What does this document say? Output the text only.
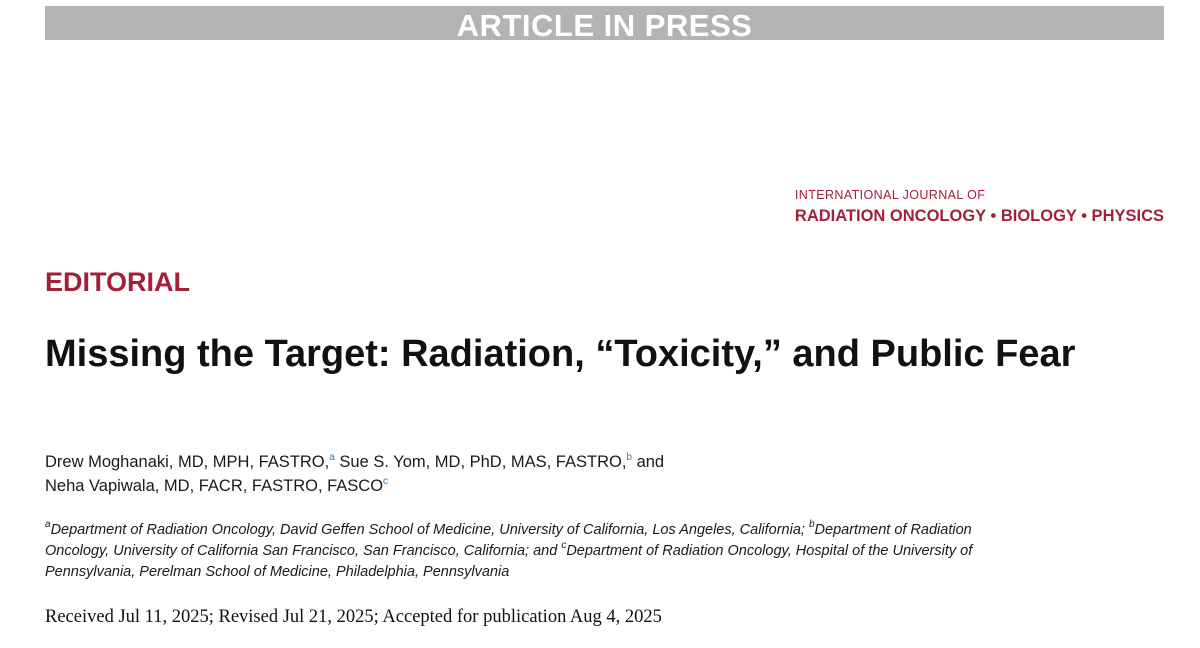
ARTICLE IN PRESS
INTERNATIONAL JOURNAL OF
RADIATION ONCOLOGY • BIOLOGY • PHYSICS
EDITORIAL
Missing the Target: Radiation, “Toxicity,” and Public Fear
Drew Moghanaki, MD, MPH, FASTRO,$^a$ Sue S. Yom, MD, PhD, MAS, FASTRO,$^b$ and
Neha Vapiwala, MD, FACR, FASTRO, FASCO$^c$
$^a$Department of Radiation Oncology, David Geffen School of Medicine, University of California, Los Angeles, California; $^b$Department of Radiation Oncology, University of California San Francisco, San Francisco, California; and $^c$Department of Radiation Oncology, Hospital of the University of Pennsylvania, Perelman School of Medicine, Philadelphia, Pennsylvania
Received Jul 11, 2025; Revised Jul 21, 2025; Accepted for publication Aug 4, 2025
